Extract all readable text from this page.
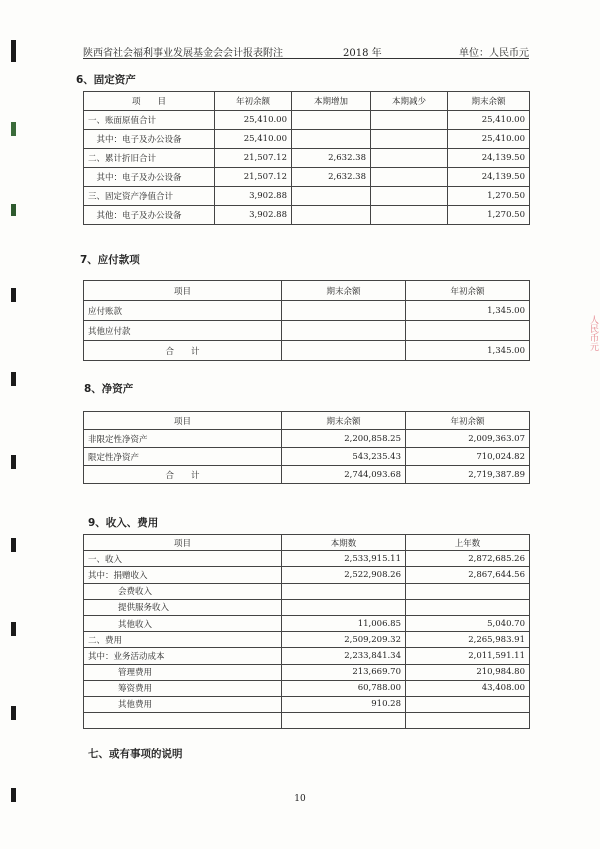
人民币元
陕西省社会福利事业发展基金会会计报表附注	2018 年	单位：人民币元
6、固定资产
项　　目	年初余额	本期增加	本期减少	期末余额
一、账面原值合计	25,410.00			25,410.00
　其中：电子及办公设备	25,410.00			25,410.00
二、累计折旧合计	21,507.12	2,632.38		24,139.50
　其中：电子及办公设备	21,507.12	2,632.38		24,139.50
三、固定资产净值合计	3,902.88			1,270.50
　其他：电子及办公设备	3,902.88			1,270.50
7、应付款项
项目	期末余额	年初余额
应付账款		1,345.00
其他应付款		
合　　计		1,345.00
8、净资产
项目	期末余额	年初余额
非限定性净资产	2,200,858.25	2,009,363.07
限定性净资产	543,235.43	710,024.82
合　　计	2,744,093.68	2,719,387.89
9、收入、费用
项目	本期数	上年数
一、收入	2,533,915.11	2,872,685.26
其中：捐赠收入	2,522,908.26	2,867,644.56
会费收入		
提供服务收入		
其他收入	11,006.85	5,040.70
二、费用	2,509,209.32	2,265,983.91
其中：业务活动成本	2,233,841.34	2,011,591.11
管理费用	213,669.70	210,984.80
筹资费用	60,788.00	43,408.00
其他费用	910.28	

七、或有事项的说明
10
